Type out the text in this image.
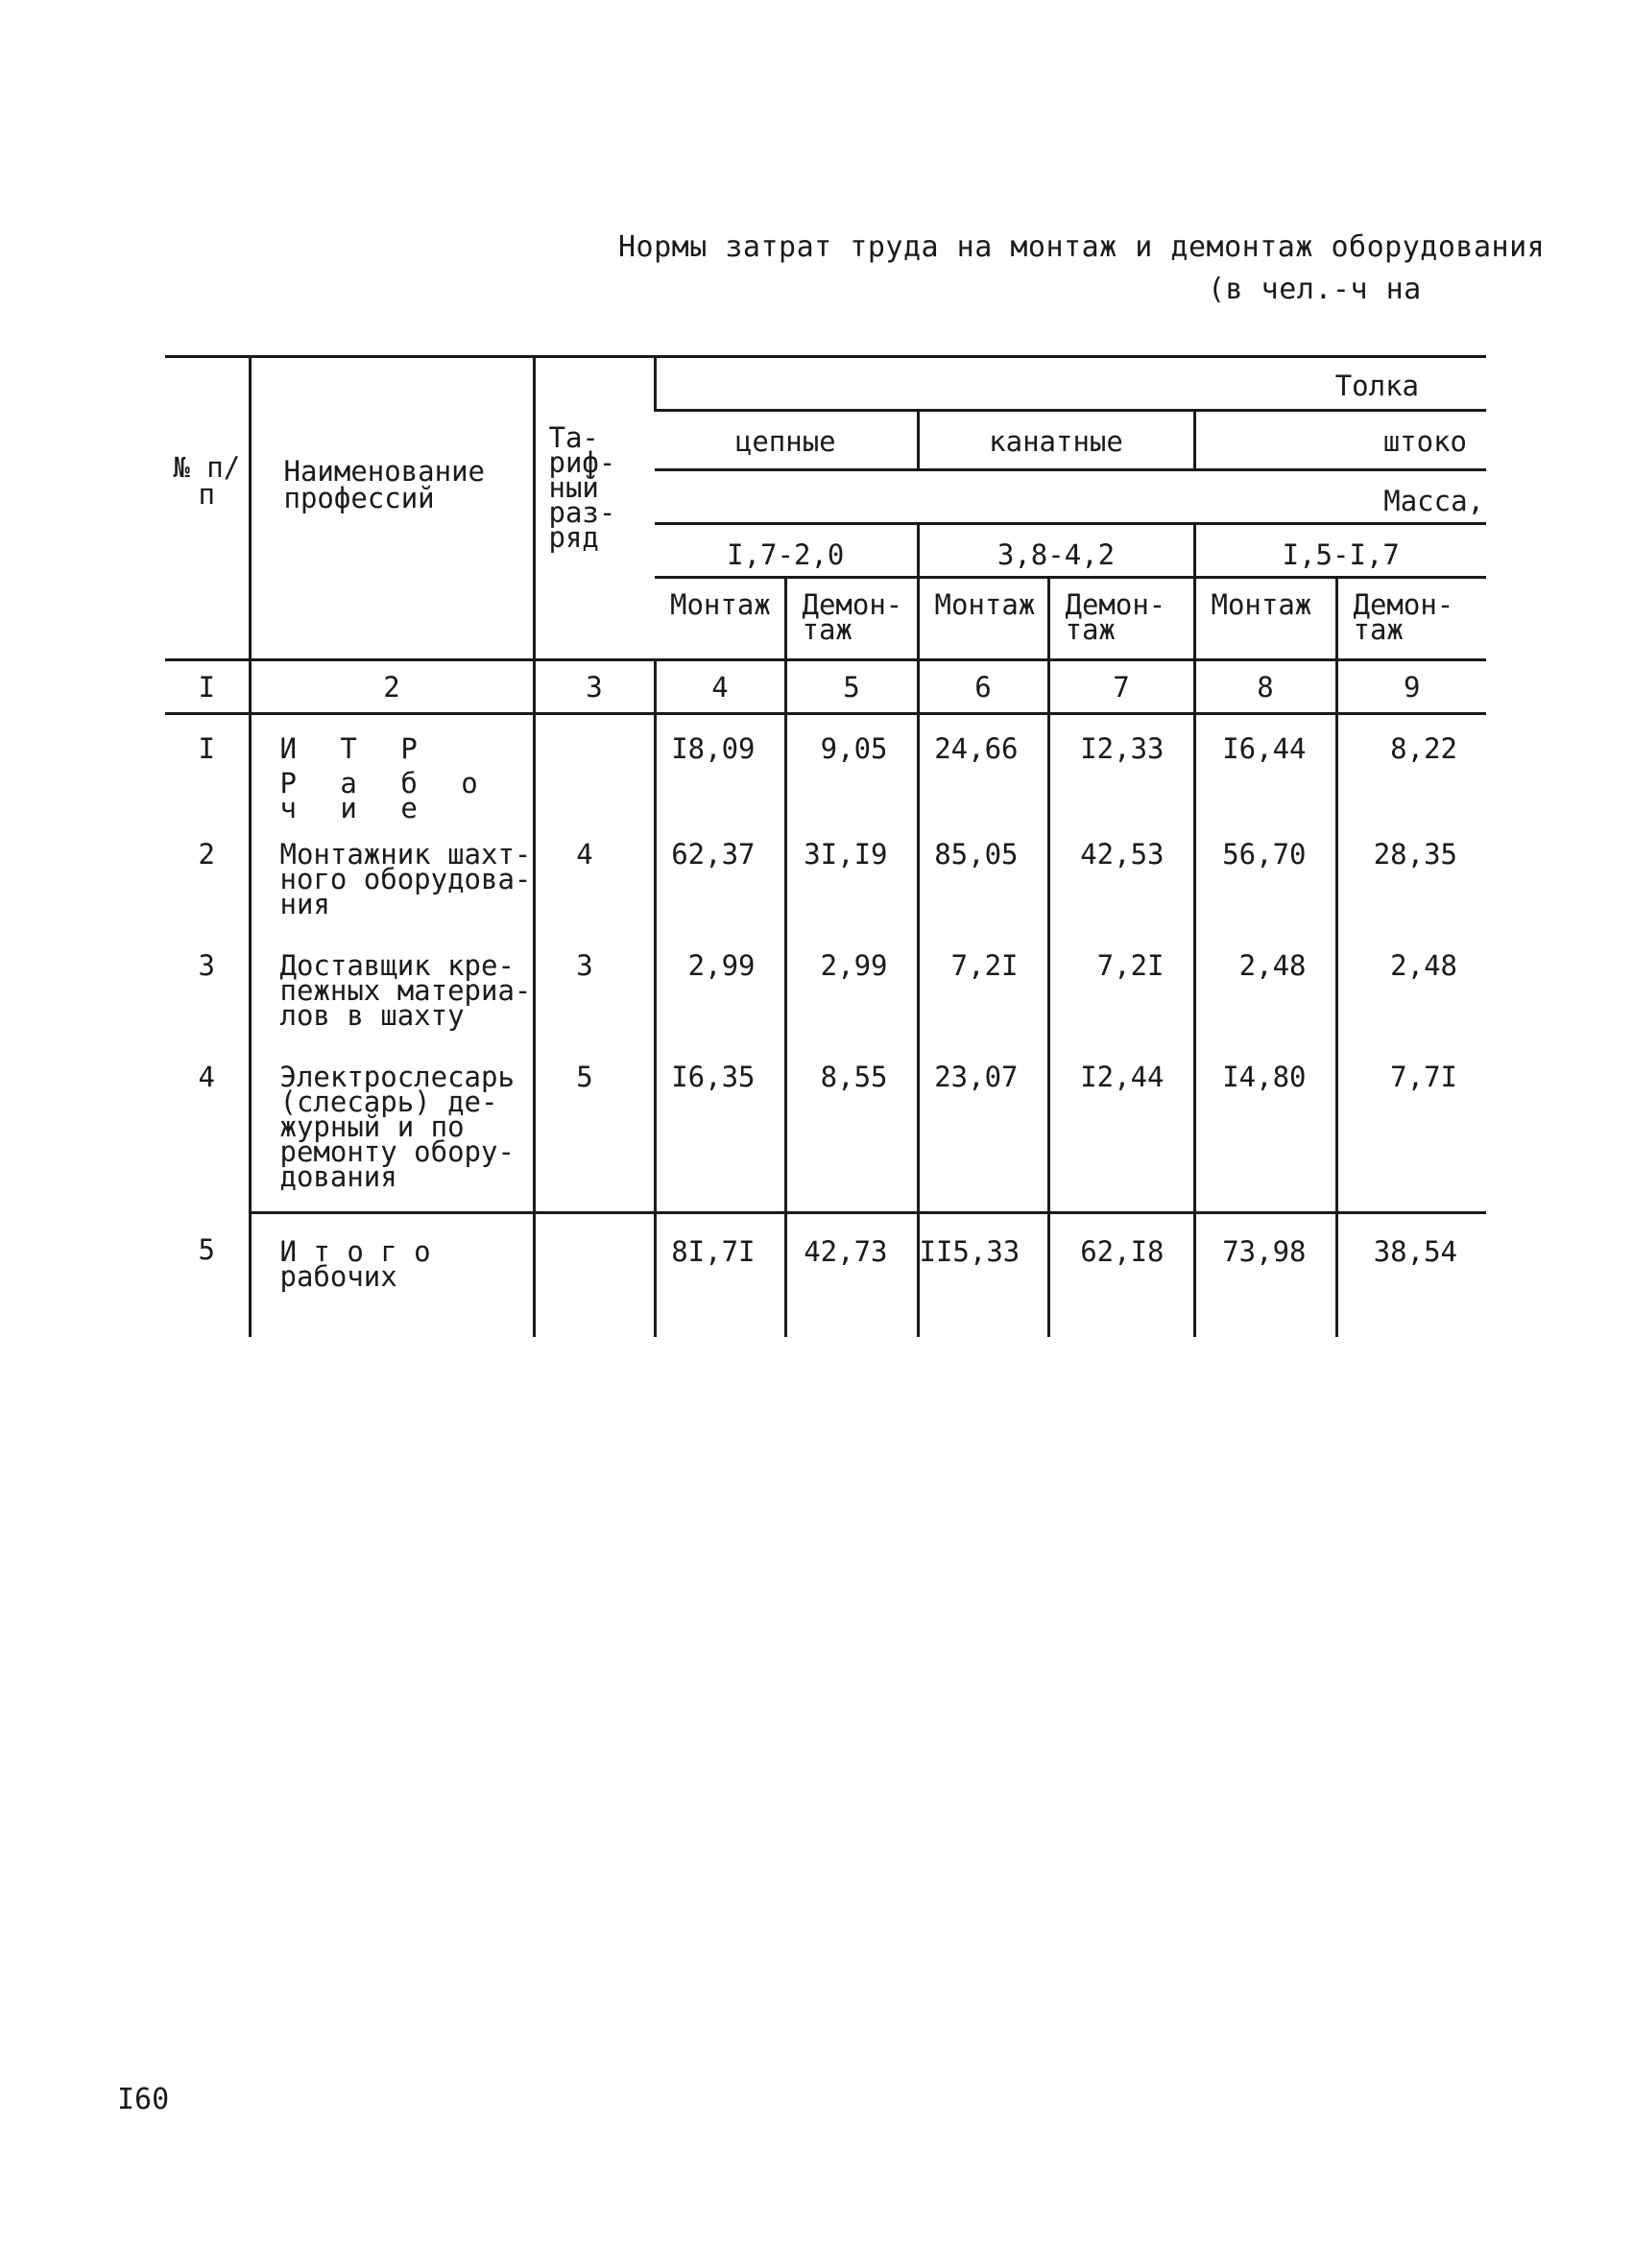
Нормы затрат труда на монтаж и демонтаж оборудования
(в чел.-ч на
№ п/п	Наименование профессий	Та- риф- ный раз- ряд	Толка					
			цепные		канатные		штоко	
			Масса,					
			I,7-2,0		3,8-4,2		I,5-I,7	
			Монтаж	Демон- таж	Монтаж	Демон- таж	Монтаж	Демон- таж
I	2	3	4	5	6	7	8	9
I	И Т Р		I8,09	9,05	24,66	I2,33	I6,44	8,22
	Р а б о ч и е							
2	Монтажник шахт- ного оборудова- ния	4	62,37	3I,I9	85,05	42,53	56,70	28,35
3	Доставщик кре- пежных материа- лов в шахту	3	2,99	2,99	7,2I	7,2I	2,48	2,48
4	Электрослесарь (слесарь) де- журный и по ремонту обору- дования	5	I6,35	8,55	23,07	I2,44	I4,80	7,7I
5	И т о г о рабочих		8I,7I	42,73	II5,33	62,I8	73,98	38,54
I60
